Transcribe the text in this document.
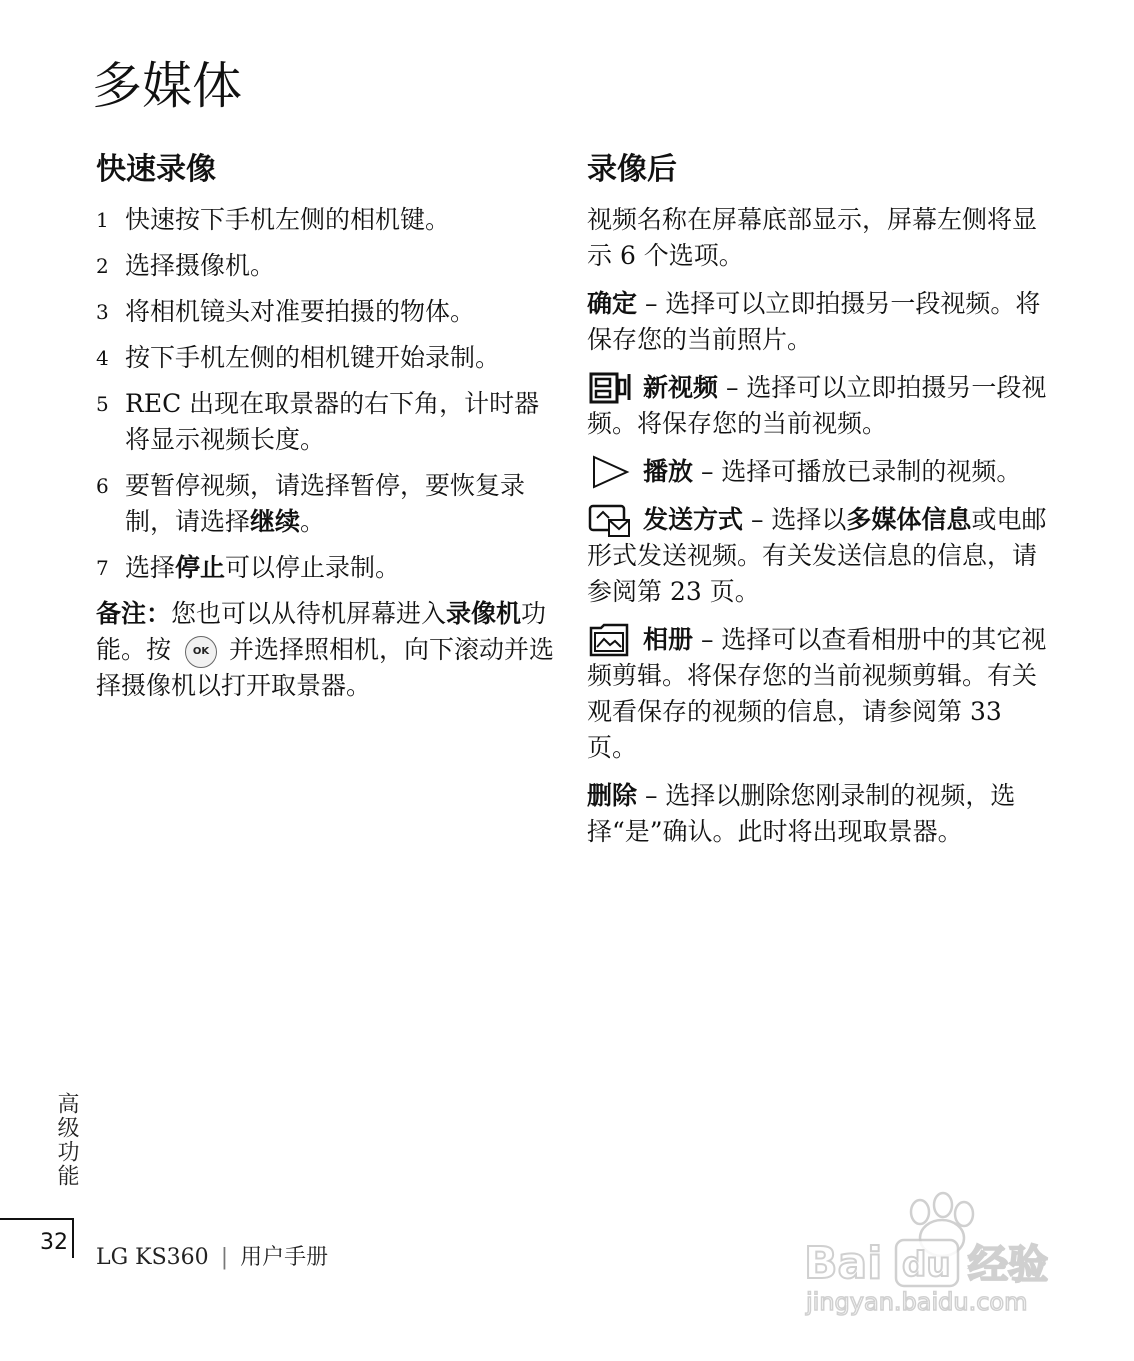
多媒体
快速录像
1 快速按下手机左侧的相机键。
2 选择摄像机。
3 将相机镜头对准要拍摄的物体。
4 按下手机左侧的相机键开始录制。
5 REC 出现在取景器的右下角，计时器将显示视频长度。
6 要暂停视频，请选择暂停，要恢复录制，请选择继续。
7 选择停止可以停止录制。

备注：您也可以从待机屏幕进入录像机功能。按 OK 并选择照相机，向下滚动并选择摄像机以打开取景器。

录像后

视频名称在屏幕底部显示，屏幕左侧将显示 6 个选项。

确定 – 选择可以立即拍摄另一段视频。将保存您的当前照片。

新视频 – 选择可以立即拍摄另一段视频。将保存您的当前视频。

播放 – 选择可播放已录制的视频。

发送方式 – 选择以多媒体信息或电邮形式发送视频。有关发送信息的信息，请参阅第 23 页。

相册 – 选择可以查看相册中的其它视频剪辑。将保存您的当前视频剪辑。有关观看保存的视频的信息，请参阅第 33 页。

删除 – 选择以删除您刚录制的视频，选择“是”确认。此时将出现取景器。

高级功能
32
LG KS360 | 用户手册	Bai du 经验
jingyan.baidu.com
